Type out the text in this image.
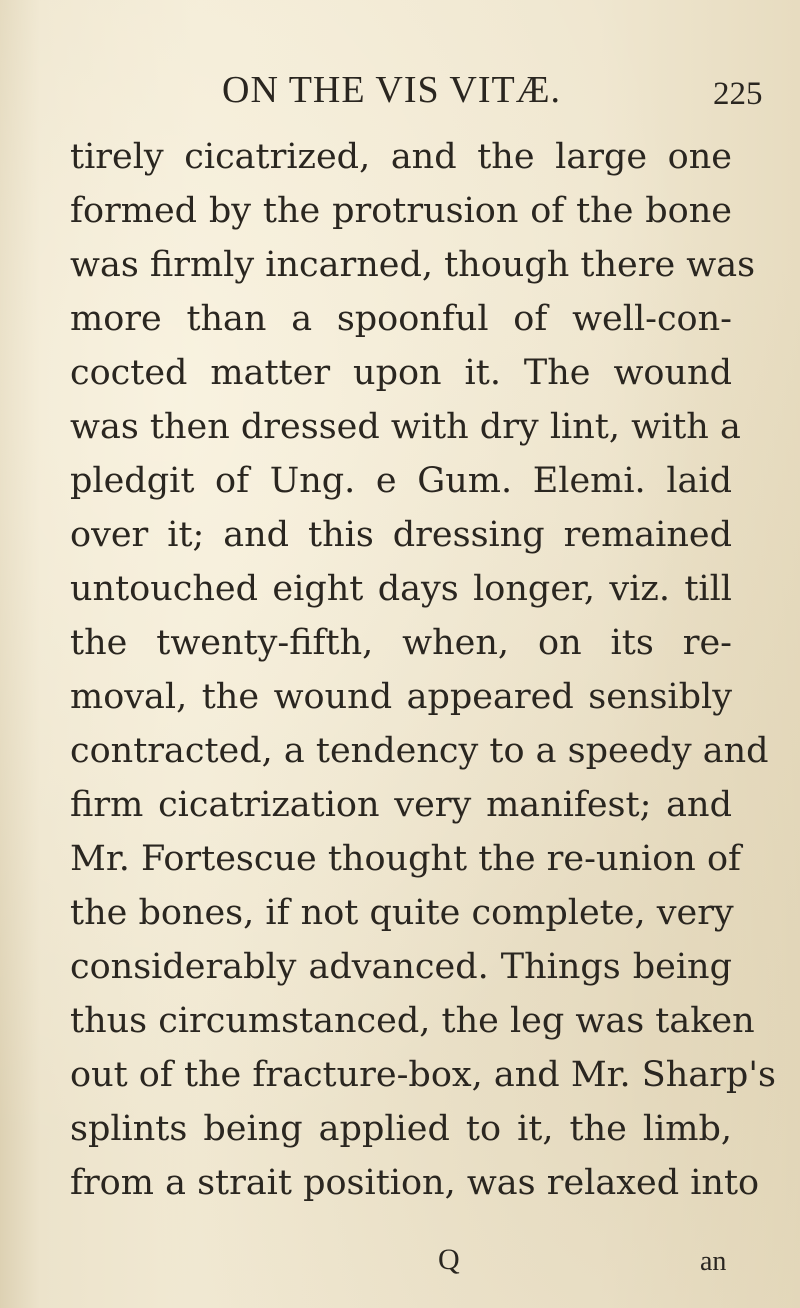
ON THE VIS VITÆ.	225
tirely cicatrized, and the large one
formed by the protrusion of the bone
was firmly incarned, though there was
more than a spoonful of well-con-
cocted matter upon it. The wound
was then dressed with dry lint, with a
pledgit of Ung. e Gum. Elemi. laid
over it; and this dressing remained
untouched eight days longer, viz. till
the twenty-fifth, when, on its re-
moval, the wound appeared sensibly
contracted, a tendency to a speedy and
firm cicatrization very manifest; and
Mr. Fortescue thought the re-union of
the bones, if not quite complete, very
considerably advanced. Things being
thus circumstanced, the leg was taken
out of the fracture-box, and Mr. Sharp's
splints being applied to it, the limb,
from a strait position, was relaxed into
Q	an
